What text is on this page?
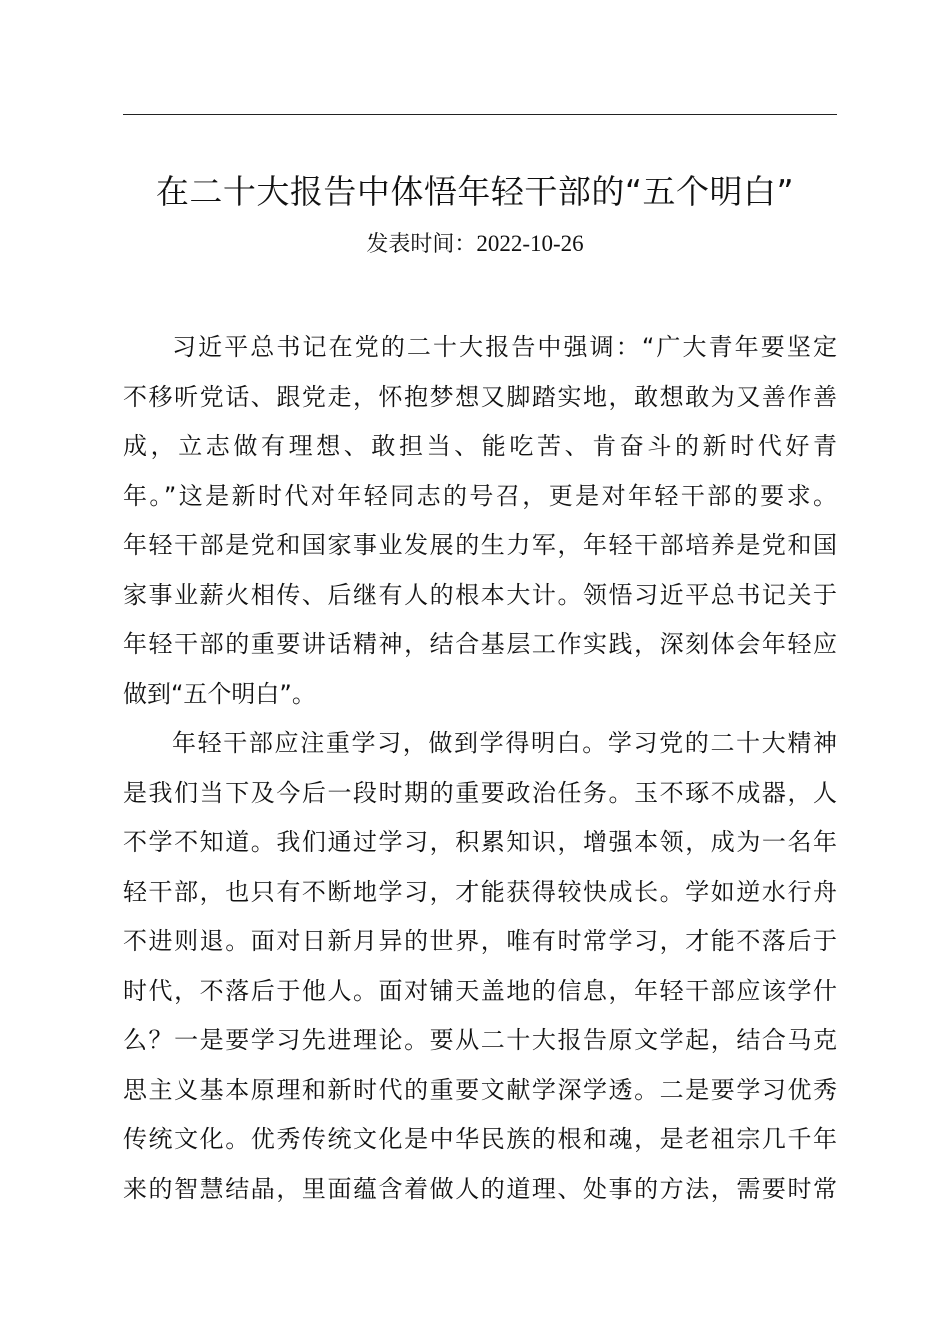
在二十大报告中体悟年轻干部的“五个明白”
发表时间：2022-10-26
习近平总书记在党的二十大报告中强调：“广大青年要坚定
不移听党话、跟党走，怀抱梦想又脚踏实地，敢想敢为又善作善
成，立志做有理想、敢担当、能吃苦、肯奋斗的新时代好青
年。”这是新时代对年轻同志的号召，更是对年轻干部的要求。
年轻干部是党和国家事业发展的生力军，年轻干部培养是党和国
家事业薪火相传、后继有人的根本大计。领悟习近平总书记关于
年轻干部的重要讲话精神，结合基层工作实践，深刻体会年轻应
做到“五个明白”。
年轻干部应注重学习，做到学得明白。学习党的二十大精神
是我们当下及今后一段时期的重要政治任务。玉不琢不成器，人
不学不知道。我们通过学习，积累知识，增强本领，成为一名年
轻干部，也只有不断地学习，才能获得较快成长。学如逆水行舟
不进则退。面对日新月异的世界，唯有时常学习，才能不落后于
时代，不落后于他人。面对铺天盖地的信息，年轻干部应该学什
么？一是要学习先进理论。要从二十大报告原文学起，结合马克
思主义基本原理和新时代的重要文献学深学透。二是要学习优秀
传统文化。优秀传统文化是中华民族的根和魂，是老祖宗几千年
来的智慧结晶，里面蕴含着做人的道理、处事的方法，需要时常
